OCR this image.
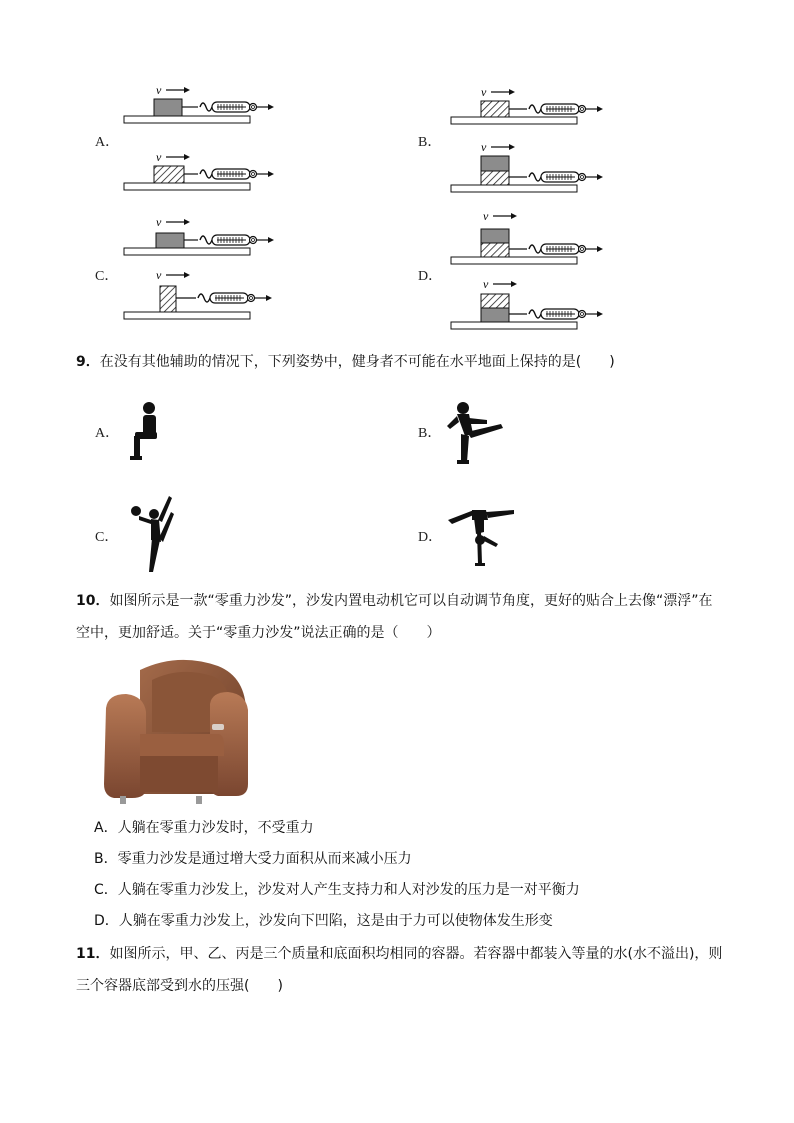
A．
v
v
B．
v
v
C．
v
v	D．
v
v
9．在没有其他辅助的情况下，下列姿势中，健身者不可能在水平地面上保持的是(　　)
A．	B．
C．	D．
10．如图所示是一款“零重力沙发”，沙发内置电动机它可以自动调节角度，更好的贴合上去像“漂浮”在
空中，更加舒适。关于“零重力沙发”说法正确的是（　　）
A．人躺在零重力沙发时，不受重力
B．零重力沙发是通过增大受力面积从而来减小压力
C．人躺在零重力沙发上，沙发对人产生支持力和人对沙发的压力是一对平衡力
D．人躺在零重力沙发上，沙发向下凹陷，这是由于力可以使物体发生形变
11．如图所示，甲、乙、丙是三个质量和底面积均相同的容器。若容器中都装入等量的水(水不溢出)，则
三个容器底部受到水的压强(　　)
